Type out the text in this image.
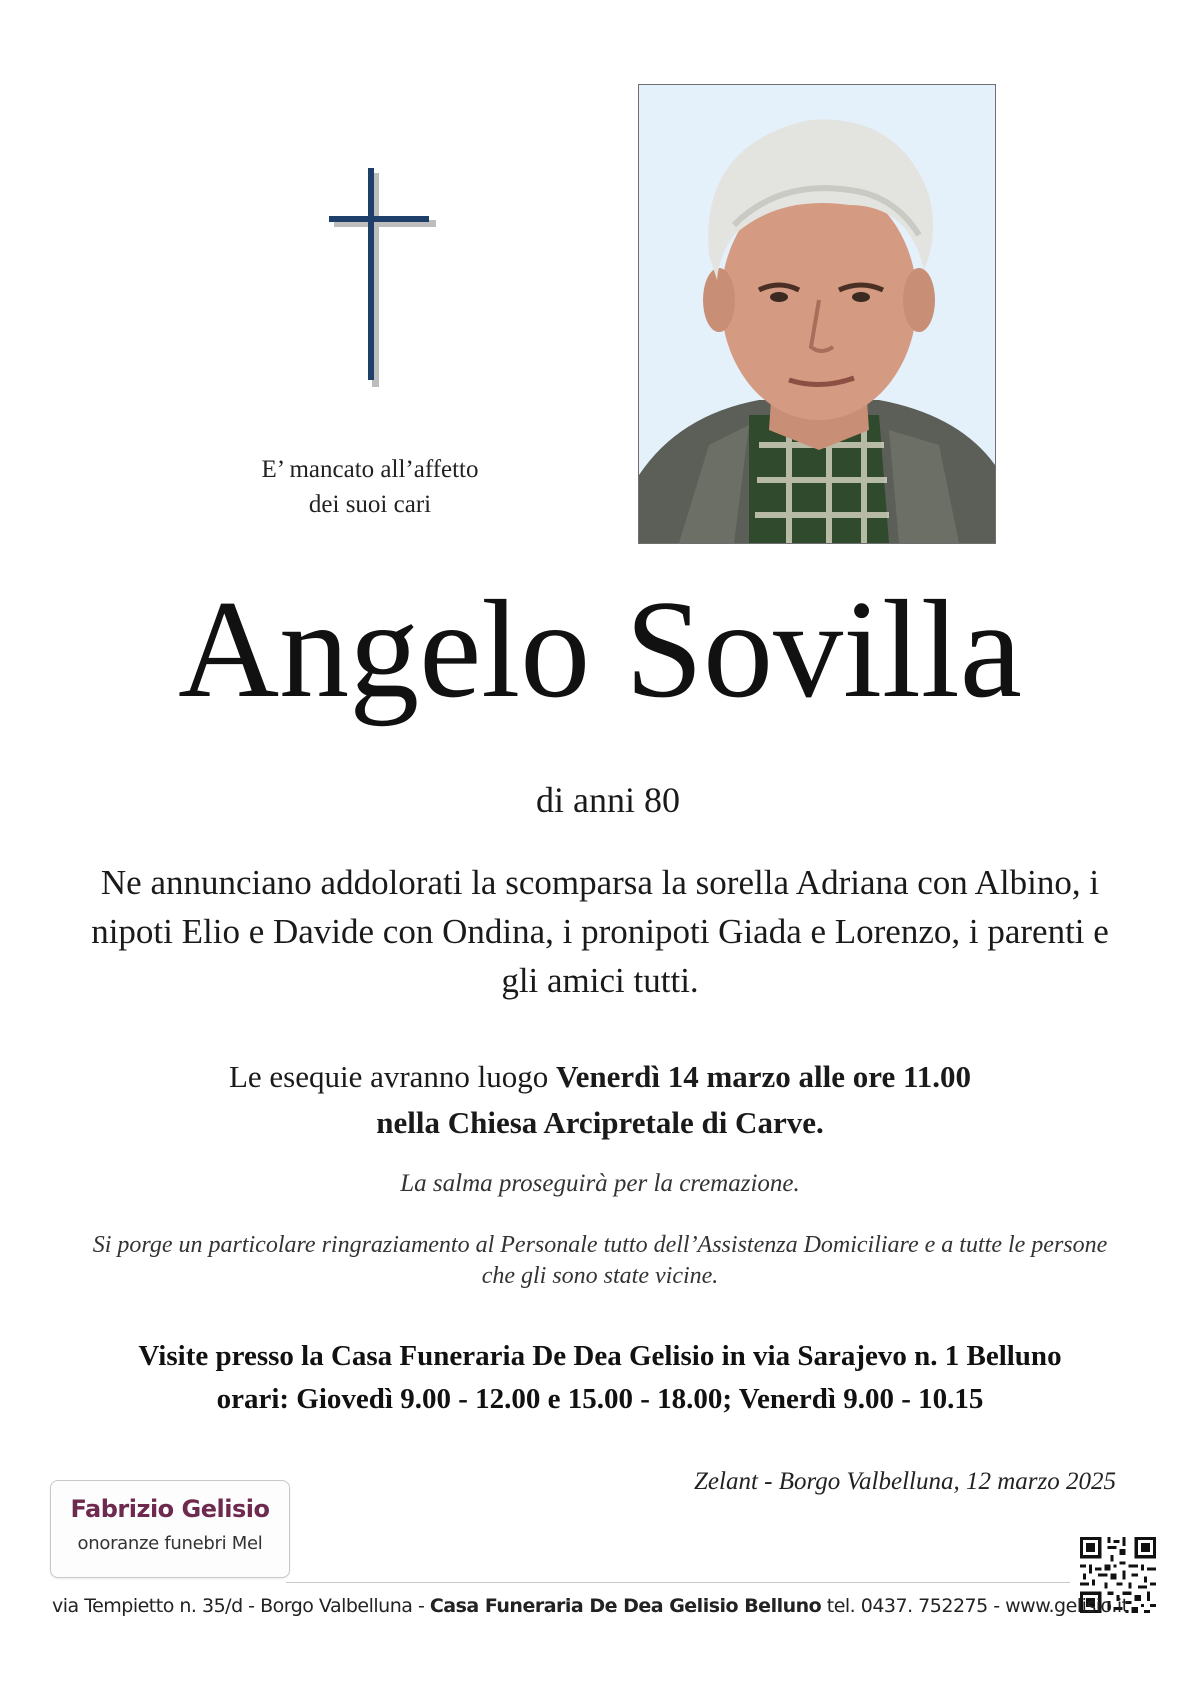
E’ mancato all’affetto
dei suoi cari
Angelo Sovilla
di anni 80
Ne annunciano addolorati la scomparsa la sorella Adriana con Albino, i nipoti Elio e Davide con Ondina, i pronipoti Giada e Lorenzo, i parenti e gli amici tutti.
Le esequie avranno luogo Venerdì 14 marzo alle ore 11.00
nella Chiesa Arcipretale di Carve.
La salma proseguirà per la cremazione.
Si porge un particolare ringraziamento al Personale tutto dell’Assistenza Domiciliare e a tutte le persone che gli sono state vicine.
Visite presso la Casa Funeraria De Dea Gelisio in via Sarajevo n. 1 Belluno
orari: Giovedì 9.00 - 12.00 e 15.00 - 18.00; Venerdì 9.00 - 10.15
Zelant - Borgo Valbelluna, 12 marzo 2025
Fabrizio Gelisio
onoranze funebri Mel
via Tempietto n. 35/d - Borgo Valbelluna - Casa Funeraria De Dea Gelisio Belluno tel. 0437. 752275 - www.gelisio.it
